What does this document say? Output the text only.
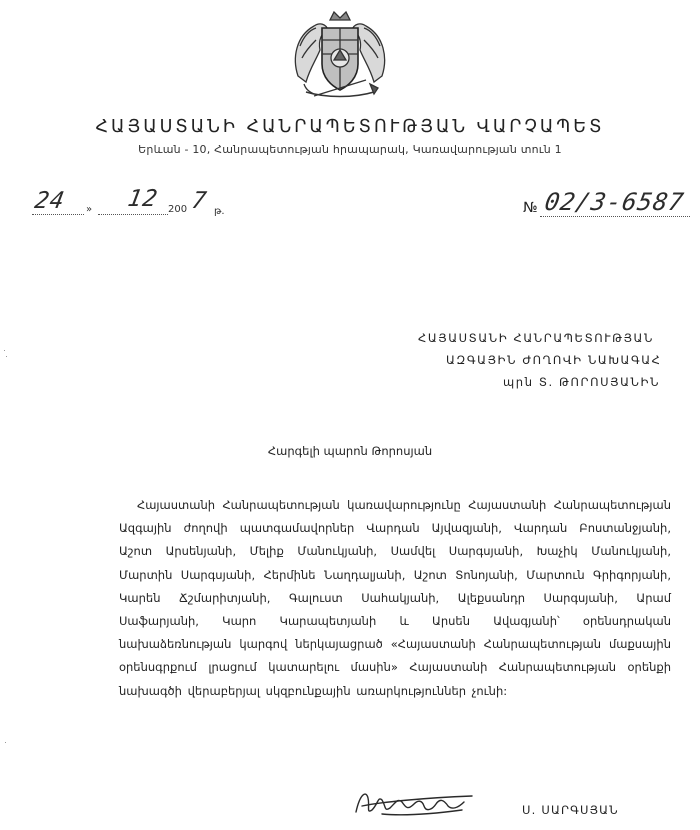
ՀԱՅԱՍՏԱՆԻ ՀԱՆՐԱՊԵՏՈՒԹՅԱՆ ՎԱՐՉԱՊԵՏ
Երևան - 10, Հանրապետության հրապարակ, Կառավարության տուն 1
24 » 12 200 7 թ.	№ 02/3-6587
ՀԱՅԱՍՏԱՆԻ ՀԱՆՐԱՊԵՏՈՒԹՅԱՆ
ԱԶԳԱՅԻՆ ԺՈՂՈՎԻ ՆԱԽԱԳԱՀ
պրն Տ. ԹՈՐՈՍՅԱՆԻՆ
Հարգելի պարոն Թորոսյան
Հայաստանի Հանրապետության կառավարությունը Հայաստանի Հանրապետության Ազգային ժողովի պատգամավորներ Վարդան Այվազյանի, Վարդան Բոստանջյանի, Աշոտ Արսենյանի, Մելիք Մանուկյանի, Սամվել Սարգսյանի, Խաչիկ Մանուկյանի, Մարտին Սարգսյանի, Հերմինե Նաղդալյանի, Աշոտ Տոնոյանի, Մարտուն Գրիգորյանի, Կարեն Ճշմարիտյանի, Գալուստ Սահակյանի, Ալեքսանդր Սարգսյանի, Արամ Սաֆարյանի, Կարո Կարապետյանի և Արսեն Ավագյանի՝ օրենսդրական նախաձեռնության կարգով ներկայացրած «Հայաստանի Հանրապետության մաքսային օրենսգրքում լրացում կատարելու մասին» Հայաստանի Հանրապետության օրենքի նախագծի վերաբերյալ սկզբունքային առարկություններ չունի:
Ս. ՍԱՐԳՍՅԱՆ
